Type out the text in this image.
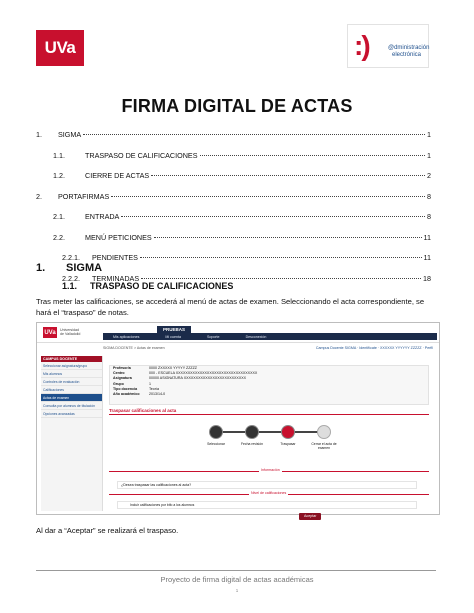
UVa	:)	@dministración
electrónica
FIRMA DIGITAL DE ACTAS
1.	SIGMA	1
1.1.	TRASPASO DE CALIFICACIONES	1
1.2.	CIERRE DE ACTAS	2
2.	PORTAFIRMAS	8
2.1.	ENTRADA	8
2.2.	MENÚ PETICIONES	11
2.2.1.	PENDIENTES	11
2.2.2.	TERMINADAS	18
1. SIGMA
1.1. TRASPASO DE CALIFICACIONES
Tras meter las calificaciones, se accederá al menú de actas de examen. Seleccionando el acta correspondiente, se hará el “traspaso” de notas.
UVa	Universidad
de Valladolid
PRUEBAS
Mis aplicaciones	Mi cuenta	Soporte	Desconexión
SIGMA DOCENTE > Actas de examen	Campus Docente SIGMA · Identifícate · XXXXXX YYYYYY ZZZZZ · Perfil
CAMPUS DOCENTE
Seleccionar asignatura/grupo
Mis alumnos
Controles de evaluación
Calificaciones
Actas de examen
Consulta por alumnos de titulación
Opciones avanzadas
Profesor/a	0000 ZXXXXX YYYYY ZZZZZ
Centro	000 - ESCUELA XXXXXXXXXXXXXXXXXXXXXXXXXXXXXXXXXX
Asignatura	00000 ASIGNATURA XXXXXXXXXXXXXXXXXXXXXXXXXX
Grupo	1
Tipo docencia	Teoría
Año académico	2013/14-0
Traspasar calificaciones al acta
Seleccionar	Fecha revisión	Traspasar	Cerrar el acta de examen
Información
¿Desea traspasar las calificaciones al acta?
Nivel de calificaciones
Incluir calificaciones por bifo a los alumnos
Aceptar
Al dar a “Aceptar” se realizará el traspaso.
Proyecto de firma digital de actas académicas
1
